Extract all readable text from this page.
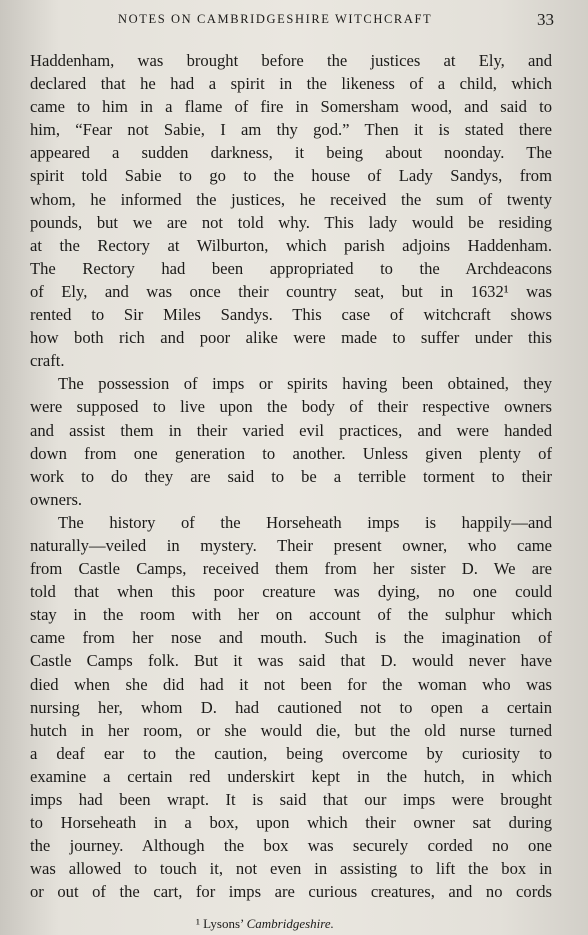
NOTES ON CAMBRIDGESHIRE WITCHCRAFT	33
Haddenham, was brought before the justices at Ely, and
declared that he had a spirit in the likeness of a child, which
came to him in a flame of fire in Somersham wood, and said to
him, “Fear not Sabie, I am thy god.” Then it is stated there
appeared a sudden darkness, it being about noonday. The
spirit told Sabie to go to the house of Lady Sandys, from
whom, he informed the justices, he received the sum of twenty
pounds, but we are not told why. This lady would be residing
at the Rectory at Wilburton, which parish adjoins Haddenham.
The Rectory had been appropriated to the Archdeacons
of Ely, and was once their country seat, but in 1632¹ was
rented to Sir Miles Sandys. This case of witchcraft shows
how both rich and poor alike were made to suffer under this
craft.
The possession of imps or spirits having been obtained, they
were supposed to live upon the body of their respective owners
and assist them in their varied evil practices, and were handed
down from one generation to another. Unless given plenty of
work to do they are said to be a terrible torment to their
owners.
The history of the Horseheath imps is happily—and
naturally—veiled in mystery. Their present owner, who came
from Castle Camps, received them from her sister D. We are
told that when this poor creature was dying, no one could
stay in the room with her on account of the sulphur which
came from her nose and mouth. Such is the imagination of
Castle Camps folk. But it was said that D. would never have
died when she did had it not been for the woman who was
nursing her, whom D. had cautioned not to open a certain
hutch in her room, or she would die, but the old nurse turned
a deaf ear to the caution, being overcome by curiosity to
examine a certain red underskirt kept in the hutch, in which
imps had been wrapt. It is said that our imps were brought
to Horseheath in a box, upon which their owner sat during
the journey. Although the box was securely corded no one
was allowed to touch it, not even in assisting to lift the box in
or out of the cart, for imps are curious creatures, and no cords
¹ Lysons’ Cambridgeshire.
